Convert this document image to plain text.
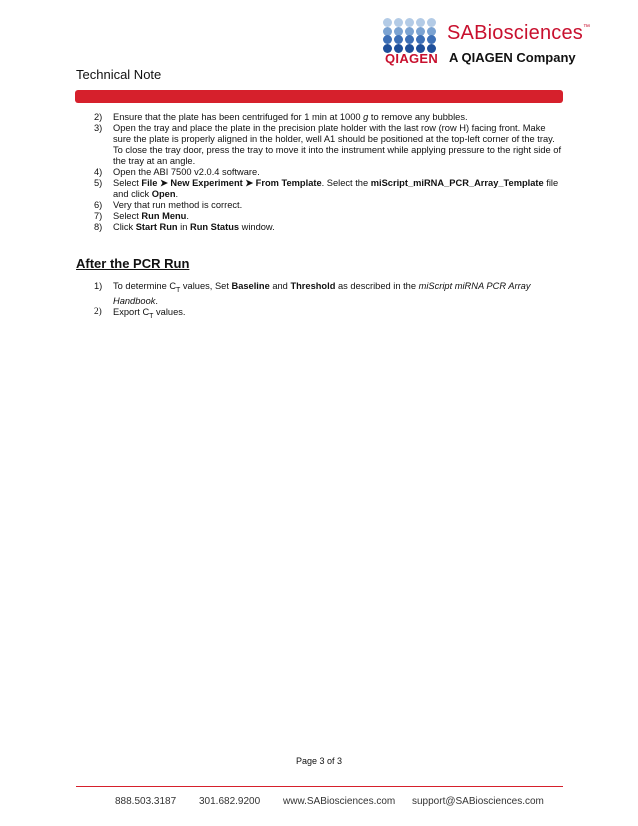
SABiosciences™
QIAGEN A QIAGEN Company
Technical Note
2) Ensure that the plate has been centrifuged for 1 min at 1000 g to remove any bubbles.
3) Open the tray and place the plate in the precision plate holder with the last row (row H) facing front. Make sure the plate is properly aligned in the holder, well A1 should be positioned at the top-left corner of the tray. To close the tray door, press the tray to move it into the instrument while applying pressure to the right side of the tray at an angle.
4) Open the ABI 7500 v2.0.4 software.
5) Select File ➤ New Experiment ➤ From Template. Select the miScript_miRNA_PCR_Array_Template file and click Open.
6) Very that run method is correct.
7) Select Run Menu.
8) Click Start Run in Run Status window.
After the PCR Run
1) To determine $C_T$ values, Set Baseline and Threshold as described in the miScript miRNA PCR Array Handbook.
2) Export $C_T$ values.
Page 3 of 3
888.503.3187 301.682.9200 www.SABiosciences.com support@SABiosciences.com
